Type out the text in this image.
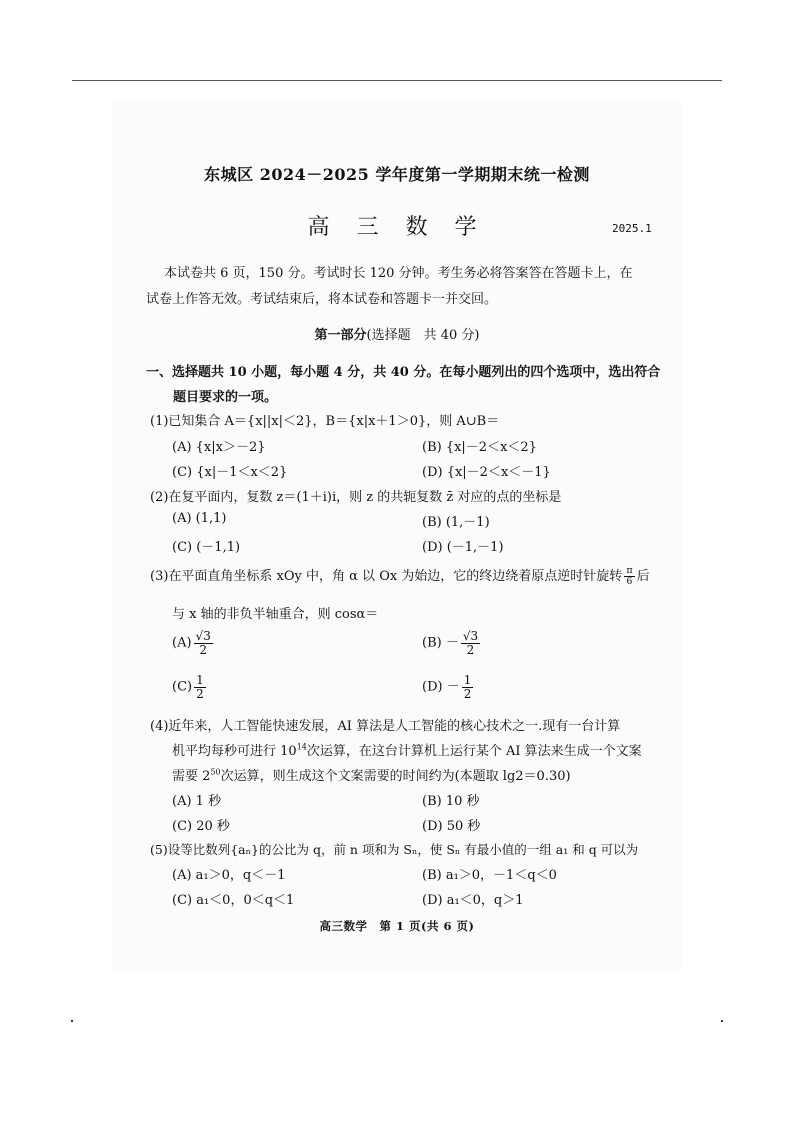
东城区 2024－2025 学年度第一学期期末统一检测
高 三 数 学	2025.1
本试卷共 6 页，150 分。考试时长 120 分钟。考生务必将答案答在答题卡上，在
试卷上作答无效。考试结束后，将本试卷和答题卡一并交回。
第一部分(选择题　共 40 分)
一、选择题共 10 小题，每小题 4 分，共 40 分。在每小题列出的四个选项中，选出符合
题目要求的一项。
(1)已知集合 A＝{x||x|＜2}，B＝{x|x＋1＞0}，则 A∪B＝
(A) {x|x＞－2}	(B) {x|－2＜x＜2}
(C) {x|－1＜x＜2}	(D) {x|－2＜x＜－1}
(2)在复平面内，复数 z＝(1＋i)i，则 z 的共轭复数 z̄ 对应的点的坐标是
(A) (1,1)	(B) (1,－1)
(C) (－1,1)	(D) (－1,－1)
(3)在平面直角坐标系 xOy 中，角 α 以 Ox 为始边，它的终边绕着原点逆时针旋转 $\frac{\pi}{6}$ 后
与 x 轴的非负半轴重合，则 cosα＝
$(A) \frac{√3}{2}$	$(B) - \frac{√3}{2}$
$(C) \frac{1}{2}$	$(D) - \frac{1}{2}$
(4)近年来，人工智能快速发展，AI 算法是人工智能的核心技术之一.现有一台计算
机平均每秒可进行 $10^{14}$次运算，在这台计算机上运行某个 AI 算法来生成一个文案
需要 $2^{50}$次运算，则生成这个文案需要的时间约为(本题取 lg2＝0.30)
(A) 1 秒	(B) 10 秒
(C) 20 秒	(D) 50 秒
(5)设等比数列{aₙ}的公比为 q，前 n 项和为 Sₙ，使 Sₙ 有最小值的一组 a₁ 和 q 可以为
(A) a₁＞0，q＜－1	(B) a₁＞0，－1＜q＜0
(C) a₁＜0，0＜q＜1	(D) a₁＜0，q＞1
高三数学　第 1 页(共 6 页)
